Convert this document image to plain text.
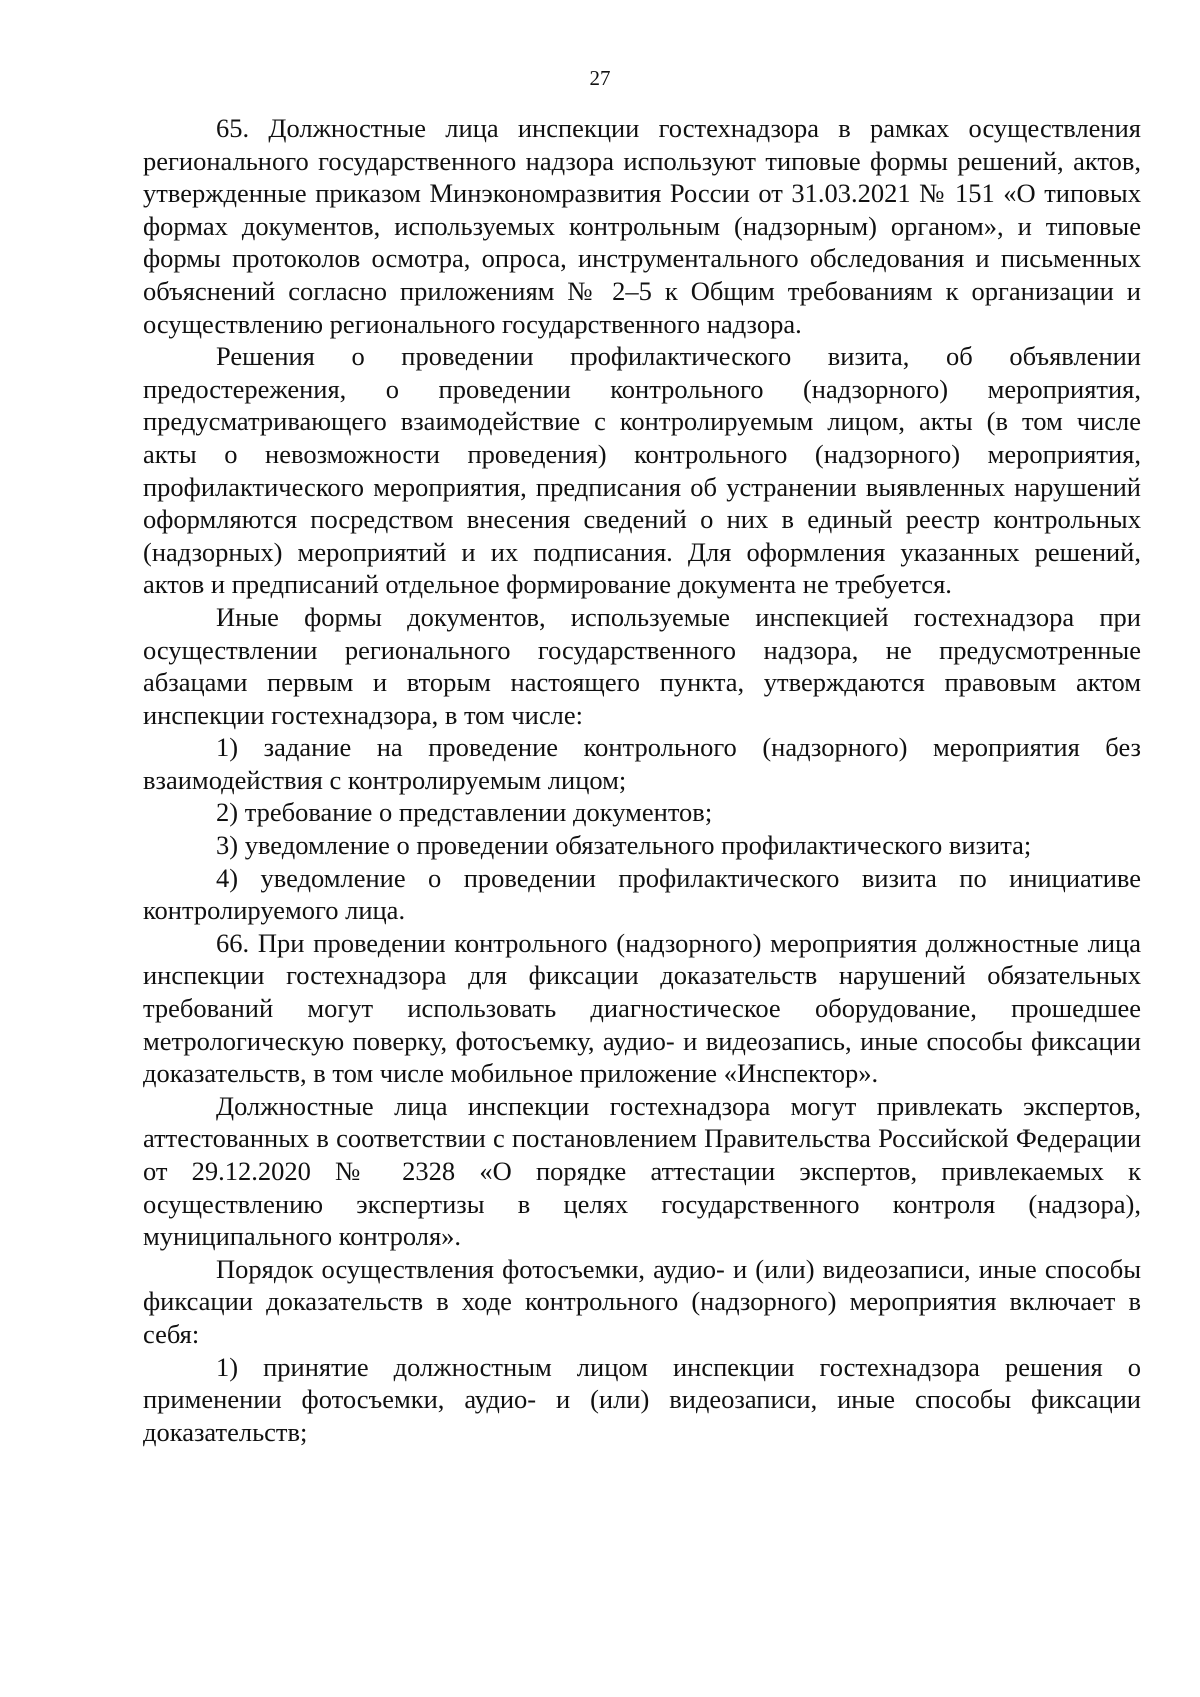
27

65. Должностные лица инспекции гостехнадзора в рамках осуществления регионального государственного надзора используют типовые формы решений, актов, утвержденные приказом Минэкономразвития России от 31.03.2021 № 151 «О типовых формах документов, используемых контрольным (надзорным) органом», и типовые формы протоколов осмотра, опроса, инструментального обследования и письменных объяснений согласно приложениям № 2–5 к Общим требованиям к организации и осуществлению регионального государственного надзора.

Решения о проведении профилактического визита, об объявлении предостережения, о проведении контрольного (надзорного) мероприятия, предусматривающего взаимодействие с контролируемым лицом, акты (в том числе акты о невозможности проведения) контрольного (надзорного) мероприятия, профилактического мероприятия, предписания об устранении выявленных нарушений оформляются посредством внесения сведений о них в единый реестр контрольных (надзорных) мероприятий и их подписания. Для оформления указанных решений, актов и предписаний отдельное формирование документа не требуется.

Иные формы документов, используемые инспекцией гостехнадзора при осуществлении регионального государственного надзора, не предусмотренные абзацами первым и вторым настоящего пункта, утверждаются правовым актом инспекции гостехнадзора, в том числе:

1) задание на проведение контрольного (надзорного) мероприятия без взаимодействия с контролируемым лицом;

2) требование о представлении документов;

3) уведомление о проведении обязательного профилактического визита;

4) уведомление о проведении профилактического визита по инициативе контролируемого лица.

66. При проведении контрольного (надзорного) мероприятия должностные лица инспекции гостехнадзора для фиксации доказательств нарушений обязательных требований могут использовать диагностическое оборудование, прошедшее метрологическую поверку, фотосъемку, аудио- и видеозапись, иные способы фиксации доказательств, в том числе мобильное приложение «Инспектор».

Должностные лица инспекции гостехнадзора могут привлекать экспертов, аттестованных в соответствии с постановлением Правительства Российской Федерации от 29.12.2020 № 2328 «О порядке аттестации экспертов, привлекаемых к осуществлению экспертизы в целях государственного контроля (надзора), муниципального контроля».

Порядок осуществления фотосъемки, аудио- и (или) видеозаписи, иные способы фиксации доказательств в ходе контрольного (надзорного) мероприятия включает в себя:

1) принятие должностным лицом инспекции гостехнадзора решения о применении фотосъемки, аудио- и (или) видеозаписи, иные способы фиксации доказательств;
